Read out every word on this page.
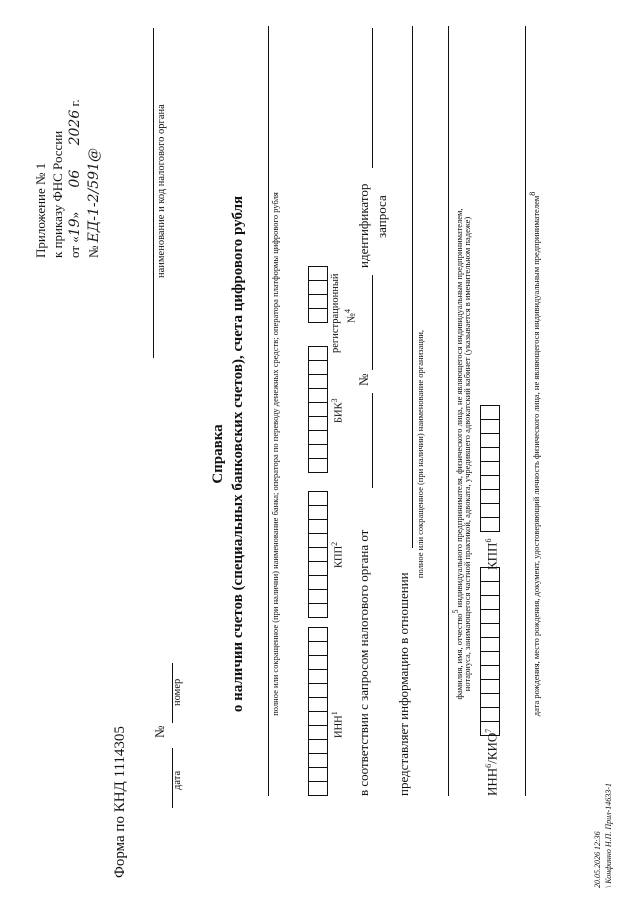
Приложение № 1 к приказу ФНС России от «19» 06 2026 г.
№ ЕД-1-2/591@	наименование и код налогового органа
Форма по КНД 1114305 №
дата
номер
Справка о наличии счетов (специальных банковских счетов), счета цифрового рубля	полное или сокращенное (при наличии) наименование банка; оператора по переводу денежных средств; оператора платформы цифрового рубля
ИНН$^1$
КПП$^2$
БИК$^3$
регистрационный №$^4$
в соответствии с запросом налогового органа от
№
идентификатор запроса
представляет информацию в отношении
полное или сокращенное (при наличии) наименование организации,
фамилия, имя, отчество$^5$ индивидуального предпринимателя, физического лица, не являющегося индивидуальным предпринимателем,
нотариуса, занимающегося частной практикой, адвоката, учредившего адвокатский кабинет (указывается в именительном падеже)
ИНН$^6$/КИО$^7$
КПП$^6$	дата рождения, место рождения, документ, удостоверяющий личность физического лица, не являющегося индивидуальным предпринимателем$^8$
20.05.2026 12:36 \ Конфинно Н.П. Прил-14633-1
